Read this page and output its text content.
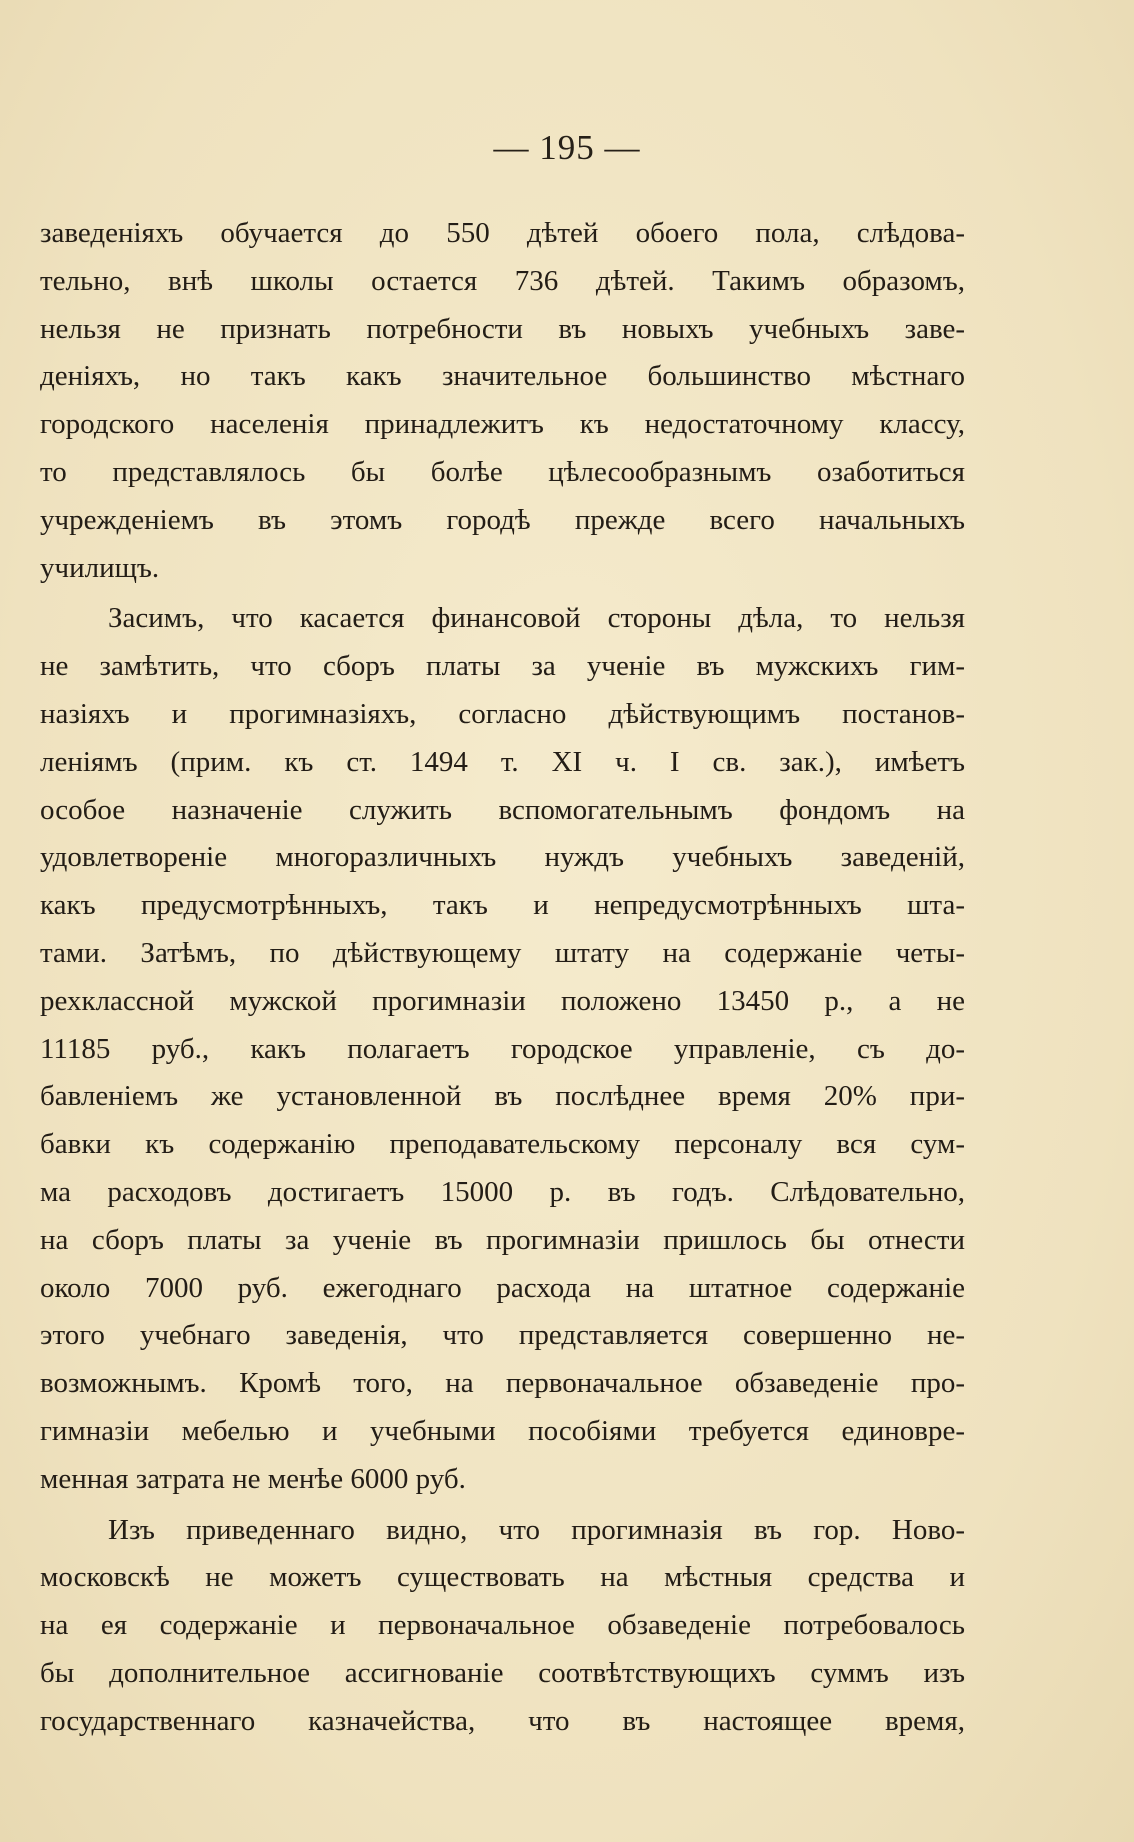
— 195 —
заведеніяхъ обучается до 550 дѣтей обоего пола, слѣдова-
тельно, внѣ школы остается 736 дѣтей. Такимъ образомъ,
нельзя не признать потребности въ новыхъ учебныхъ заве-
деніяхъ, но такъ какъ значительное большинство мѣстнаго
городского населенія принадлежитъ къ недостаточному классу,
то представлялось бы болѣе цѣлесообразнымъ озаботиться
учрежденіемъ въ этомъ городѣ прежде всего начальныхъ
училищъ.
Засимъ, что касается финансовой стороны дѣла, то нельзя
не замѣтить, что сборъ платы за ученіе въ мужскихъ гим-
назіяхъ и прогимназіяхъ, согласно дѣйствующимъ постанов-
леніямъ (прим. къ ст. 1494 т. XI ч. I св. зак.), имѣетъ
особое назначеніе служить вспомогательнымъ фондомъ на
удовлетвореніе многоразличныхъ нуждъ учебныхъ заведеній,
какъ предусмотрѣнныхъ, такъ и непредусмотрѣнныхъ шта-
тами. Затѣмъ, по дѣйствующему штату на содержаніе четы-
рехклассной мужской прогимназіи положено 13450 р., а не
11185 руб., какъ полагаетъ городское управленіе, съ до-
бавленіемъ же установленной въ послѣднее время 20% при-
бавки къ содержанію преподавательскому персоналу вся сум-
ма расходовъ достигаетъ 15000 р. въ годъ. Слѣдовательно,
на сборъ платы за ученіе въ прогимназіи пришлось бы отнести
около 7000 руб. ежегоднаго расхода на штатное содержаніе
этого учебнаго заведенія, что представляется совершенно не-
возможнымъ. Кромѣ того, на первоначальное обзаведеніе про-
гимназіи мебелью и учебными пособіями требуется единовре-
менная затрата не менѣе 6000 руб.
Изъ приведеннаго видно, что прогимназія въ гор. Ново-
московскѣ не можетъ существовать на мѣстныя средства и
на ея содержаніе и первоначальное обзаведеніе потребовалось
бы дополнительное ассигнованіе соотвѣтствующихъ суммъ изъ
государственнаго казначейства, что въ настоящее время,
